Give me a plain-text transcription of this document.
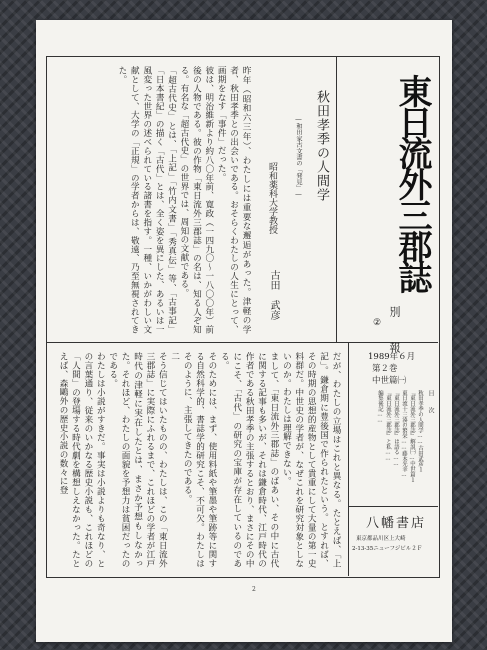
東日流外三郡誌
別 報
②
1989年６月
第２巻
中世篇㈠
目 次
秋田孝季の人間学……古田武彦１
『東日流外三郡誌』解説㈠…中世篇１
東日流十三湊の繁栄……藤本光幸…
『東日流外三郡誌』は語る……
『東日流外三郡誌』と私……
編集後記……
八幡書店
東京都品川区上大崎
2-13-35ニューフジビル２Ｆ
秋田孝季の人間学
―和田家古文書の「発見」―
昭和薬科大学教授
古田　武彦
昨年（昭和六三年）、わたしには重要な邂逅があった。津軽の学者、秋田孝季との出会いである。おそらくわたしの人生にとって、画期をなす「事件」だった。
彼は、明治維新より約八〇年前、寛政（一四九〇～一八〇〇年）前後の人物である。彼の作物「東日流外三郡誌」の名は、知る人ぞ知る。有名な「超古代史」の世界では、周知の文献である。
「超古代史」とは、「上記」「竹内文書」「秀真伝」等、「古事記」「日本書紀」の描く「古代」とは、全く姿を異にした、あるいは一風変った世界の述べられている諸書を指す。一種、いかがわしい文献として、大学の「正規」の学者からは、敬遠、乃至無視されてきた。
だが、わたしの立場はこれと異なる。たとえば、「上記」。鎌倉期に豊後国で作られたという。とすれば、その時期の思想的産物として貴重にして大量の第一史料群だ。中世史の学者が、なぜこれを研究対象としないのか。わたしは理解できない。
まして、「東日流外三郡誌」のばあい、その中に古代に関する記事も多いが、それは鎌倉時代、江戸時代の作者である秋田孝季の主張するとおり、まさにその中にこそ、「古代」の研究の宝庫が存在しているのである。
そのためには、まず、使用料紙や筆墨や筆跡等に関する自然科学的、書誌学的研究こそ、不可欠。わたしはそのように、主張してきたのである。
二
そう信じてはいたものの、わたしは、この「東日流外三郡誌」に実際にふれるまで、これほどの学者が江戸時代の津軽に実在したとは、まさか予想もしなかった。それほど、わたしの面貌を予想力は貧困だったのである。
わたしは小説がすきだ。事実は小説よりも奇なり、との言葉通り、従来のいかなる歴史小説も、これほどの「人間」の登場する時代劇を構想しえなかった。たとえば、森鷗外の歴史小説の数々に登
2
